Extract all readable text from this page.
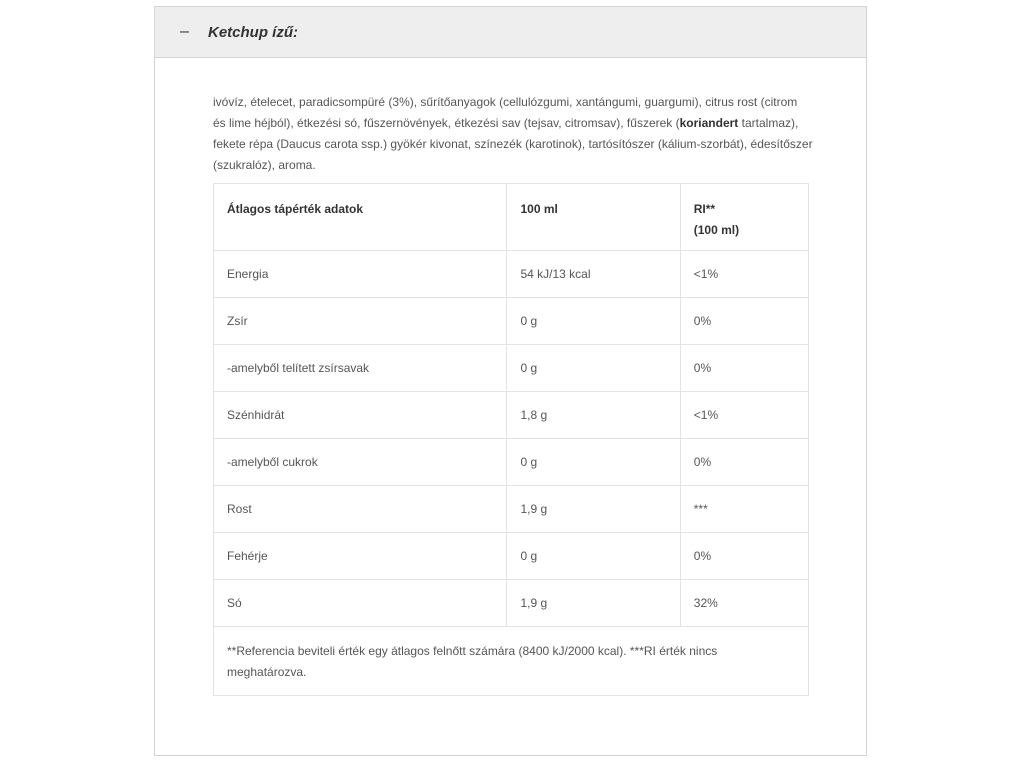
– Ketchup ízű:
ivóvíz, ételecet, paradicsompüré (3%), sűrítőanyagok (cellulózgumi, xantángumi, guargumi), citrus rost (citrom és lime héjból), étkezési só, fűszernövények, étkezési sav (tejsav, citromsav), fűszerek (koriandert tartalmaz), fekete répa (Daucus carota ssp.) gyökér kivonat, színezék (karotinok), tartósítószer (kálium-szorbát), édesítőszer (szukralóz), aroma.
Átlagos tápérték adatok	100 ml	RI**
(100 ml)

Energia	54 kJ/13 kcal	<1%
Zsír	0 g	0%
-amelyből telített zsírsavak	0 g	0%
Szénhidrát	1,8 g	<1%
-amelyből cukrok	0 g	0%
Rost	1,9 g	***
Fehérje	0 g	0%
Só	1,9 g	32%
**Referencia beviteli érték egy átlagos felnőtt számára (8400 kJ/2000 kcal). ***RI érték nincs meghatározva.		
